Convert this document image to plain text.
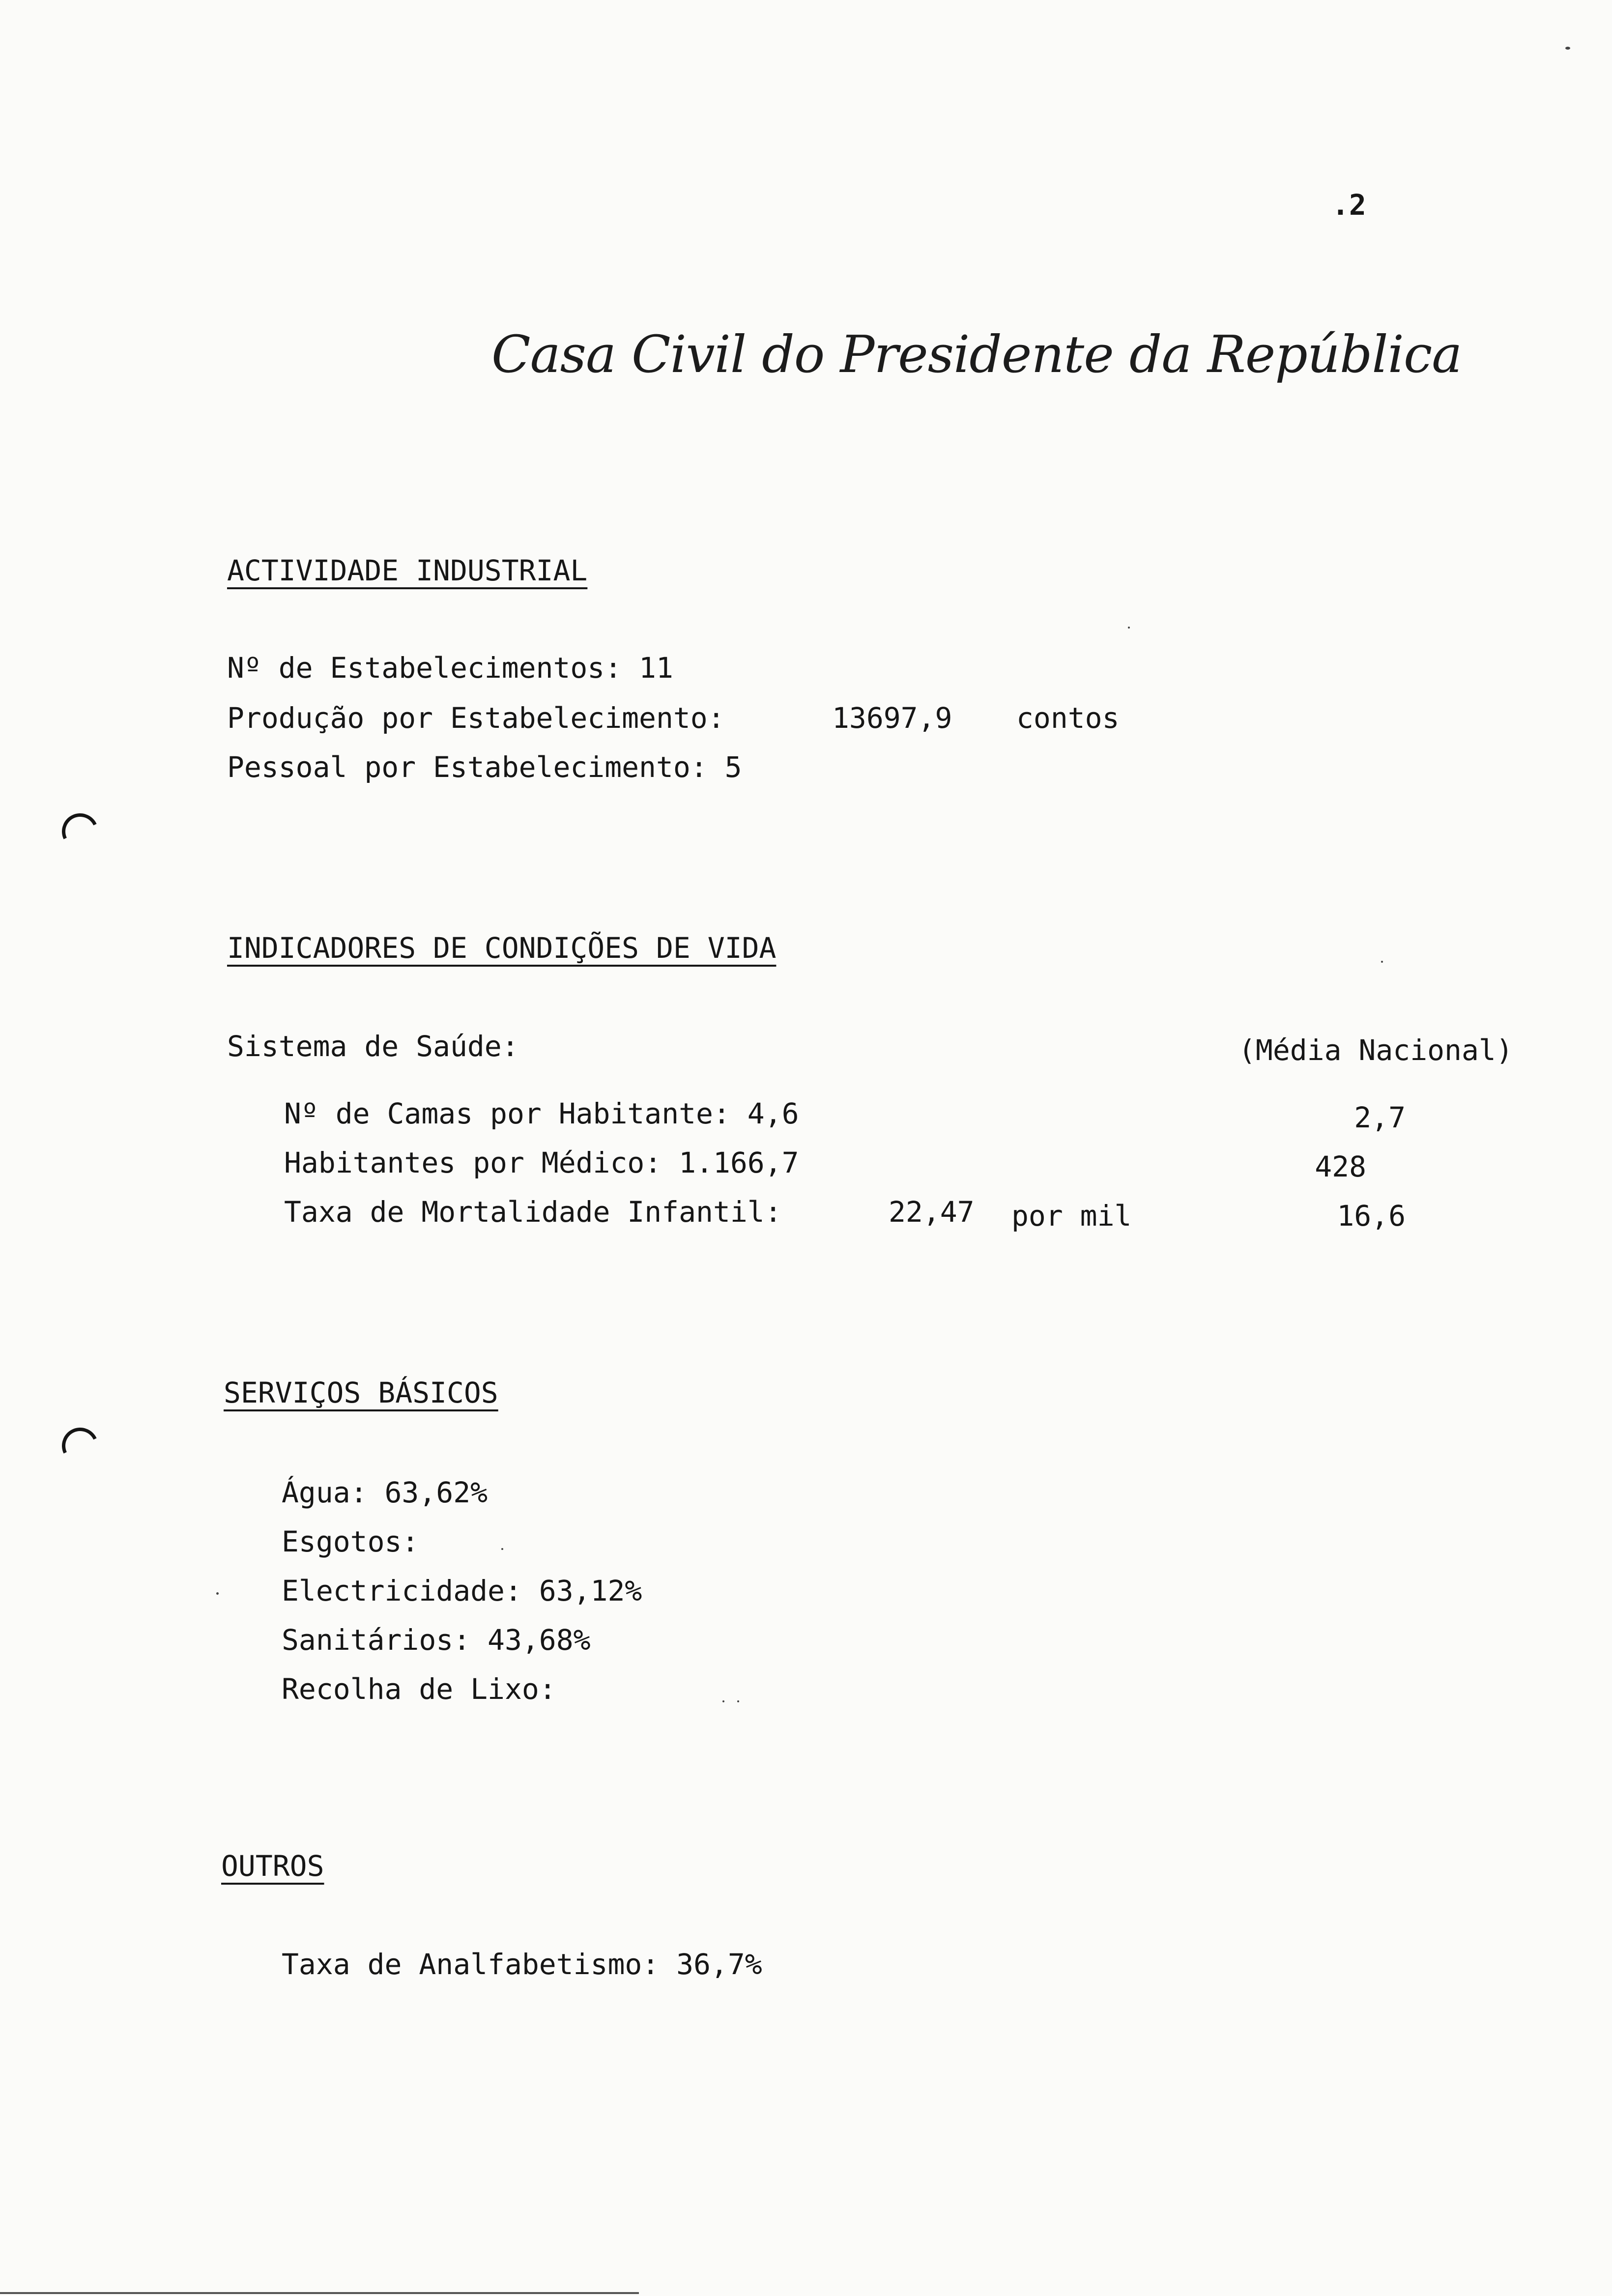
.2
Casa Civil do Presidente da República
ACTIVIDADE INDUSTRIAL
Nº de Estabelecimentos: 11
Produção por Estabelecimento:	13697,9 contos
Pessoal por Estabelecimento: 5
INDICADORES DE CONDIÇÕES DE VIDA
Sistema de Saúde:	(Média Nacional)
Nº de Camas por Habitante: 4,6	2,7
Habitantes por Médico: 1.166,7	428
Taxa de Mortalidade Infantil:	22,47 por mil	16,6
SERVIÇOS BÁSICOS
Água: 63,62%
Esgotos:
Electricidade: 63,12%
Sanitários: 43,68%
Recolha de Lixo:
OUTROS
Taxa de Analfabetismo: 36,7%
